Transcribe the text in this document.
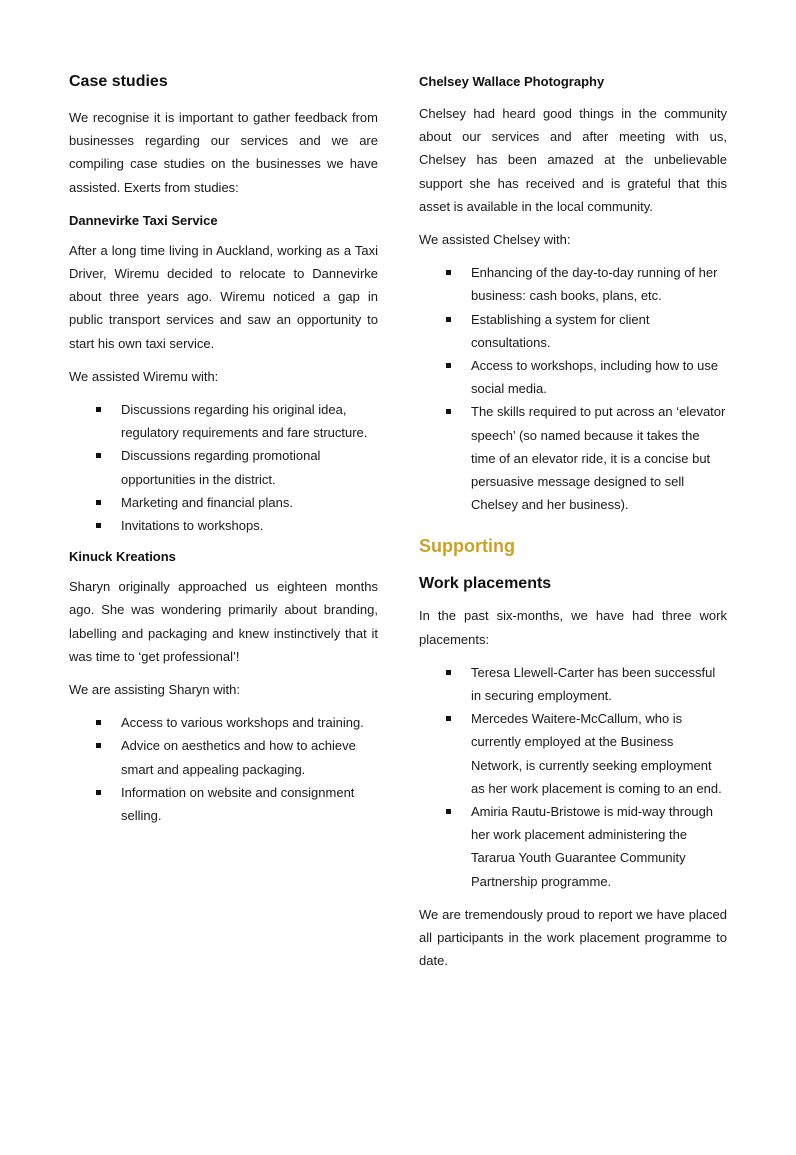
Case studies

We recognise it is important to gather feedback from businesses regarding our services and we are compiling case studies on the businesses we have assisted. Exerts from studies:

Dannevirke Taxi Service

After a long time living in Auckland, working as a Taxi Driver, Wiremu decided to relocate to Dannevirke about three years ago. Wiremu noticed a gap in public transport services and saw an opportunity to start his own taxi service.

We assisted Wiremu with:

Discussions regarding his original idea, regulatory requirements and fare structure.
Discussions regarding promotional opportunities in the district.
Marketing and financial plans.
Invitations to workshops.
Kinuck Kreations

Sharyn originally approached us eighteen months ago. She was wondering primarily about branding, labelling and packaging and knew instinctively that it was time to ‘get professional’!

We are assisting Sharyn with:

Access to various workshops and training.
Advice on aesthetics and how to achieve smart and appealing packaging.
Information on website and consignment selling.
Chelsey Wallace Photography

Chelsey had heard good things in the community about our services and after meeting with us, Chelsey has been amazed at the unbelievable support she has received and is grateful that this asset is available in the local community.

We assisted Chelsey with:

Enhancing of the day-to-day running of her business: cash books, plans, etc.
Establishing a system for client consultations.
Access to workshops, including how to use social media.
The skills required to put across an ‘elevator speech’ (so named because it takes the time of an elevator ride, it is a concise but persuasive message designed to sell Chelsey and her business).
Supporting
Work placements

In the past six-months, we have had three work placements:

Teresa Llewell-Carter has been successful in securing employment.
Mercedes Waitere-McCallum, who is currently employed at the Business Network, is currently seeking employment as her work placement is coming to an end.
Amiria Rautu-Bristowe is mid-way through her work placement administering the Tararua Youth Guarantee Community Partnership programme.

We are tremendously proud to report we have placed all participants in the work placement programme to date.
